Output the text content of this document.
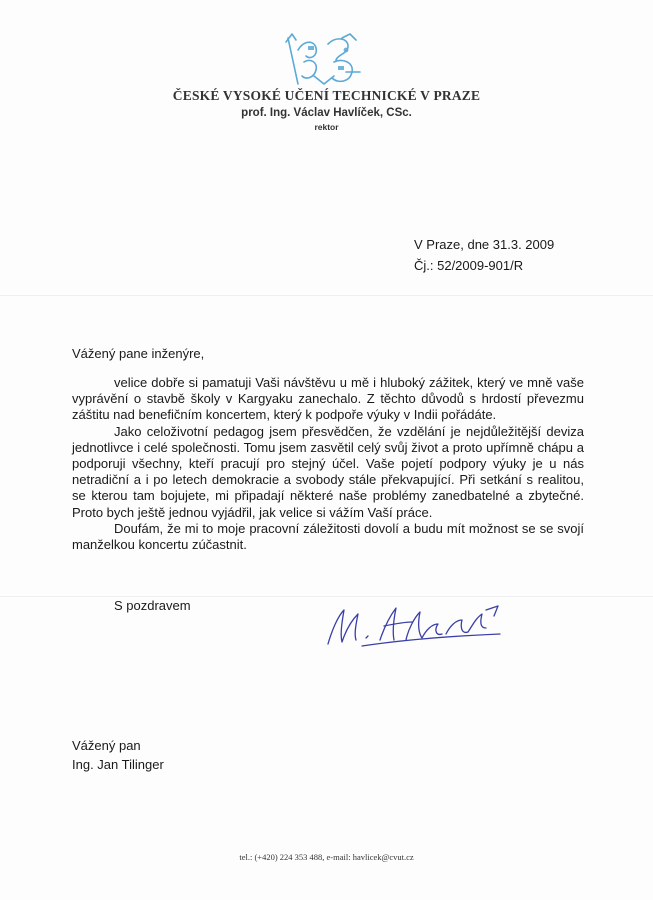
ČESKÉ VYSOKÉ UČENÍ TECHNICKÉ V PRAZE
prof. Ing. Václav Havlíček, CSc.
rektor
V Praze, dne 31.3. 2009
Čj.: 52/2009-901/R
Vážený pane inženýre,

velice dobře si pamatuji Vaši návštěvu u mě i hluboký zážitek, který ve mně vaše vyprávění o stavbě školy v Kargyaku zanechalo. Z těchto důvodů s hrdostí převezmu záštitu nad benefičním koncertem, který k podpoře výuky v Indii pořádáte.

Jako celoživotní pedagog jsem přesvědčen, že vzdělání je nejdůležitější deviza jednotlivce i celé společnosti. Tomu jsem zasvětil celý svůj život a proto upřímně chápu a podporuji všechny, kteří pracují pro stejný účel. Vaše pojetí podpory výuky je u nás netradiční a i po letech demokracie a svobody stále překvapující. Při setkání s realitou, se kterou tam bojujete, mi připadají některé naše problémy zanedbatelné a zbytečné. Proto bych ještě jednou vyjádřil, jak velice si vážím Vaší práce.

Doufám, že mi to moje pracovní záležitosti dovolí a budu mít možnost se se svojí manželkou koncertu zúčastnit.

S pozdravem
Vážený pan
Ing. Jan Tilinger
tel.: (+420) 224 353 488, e-mail: havlicek@cvut.cz
